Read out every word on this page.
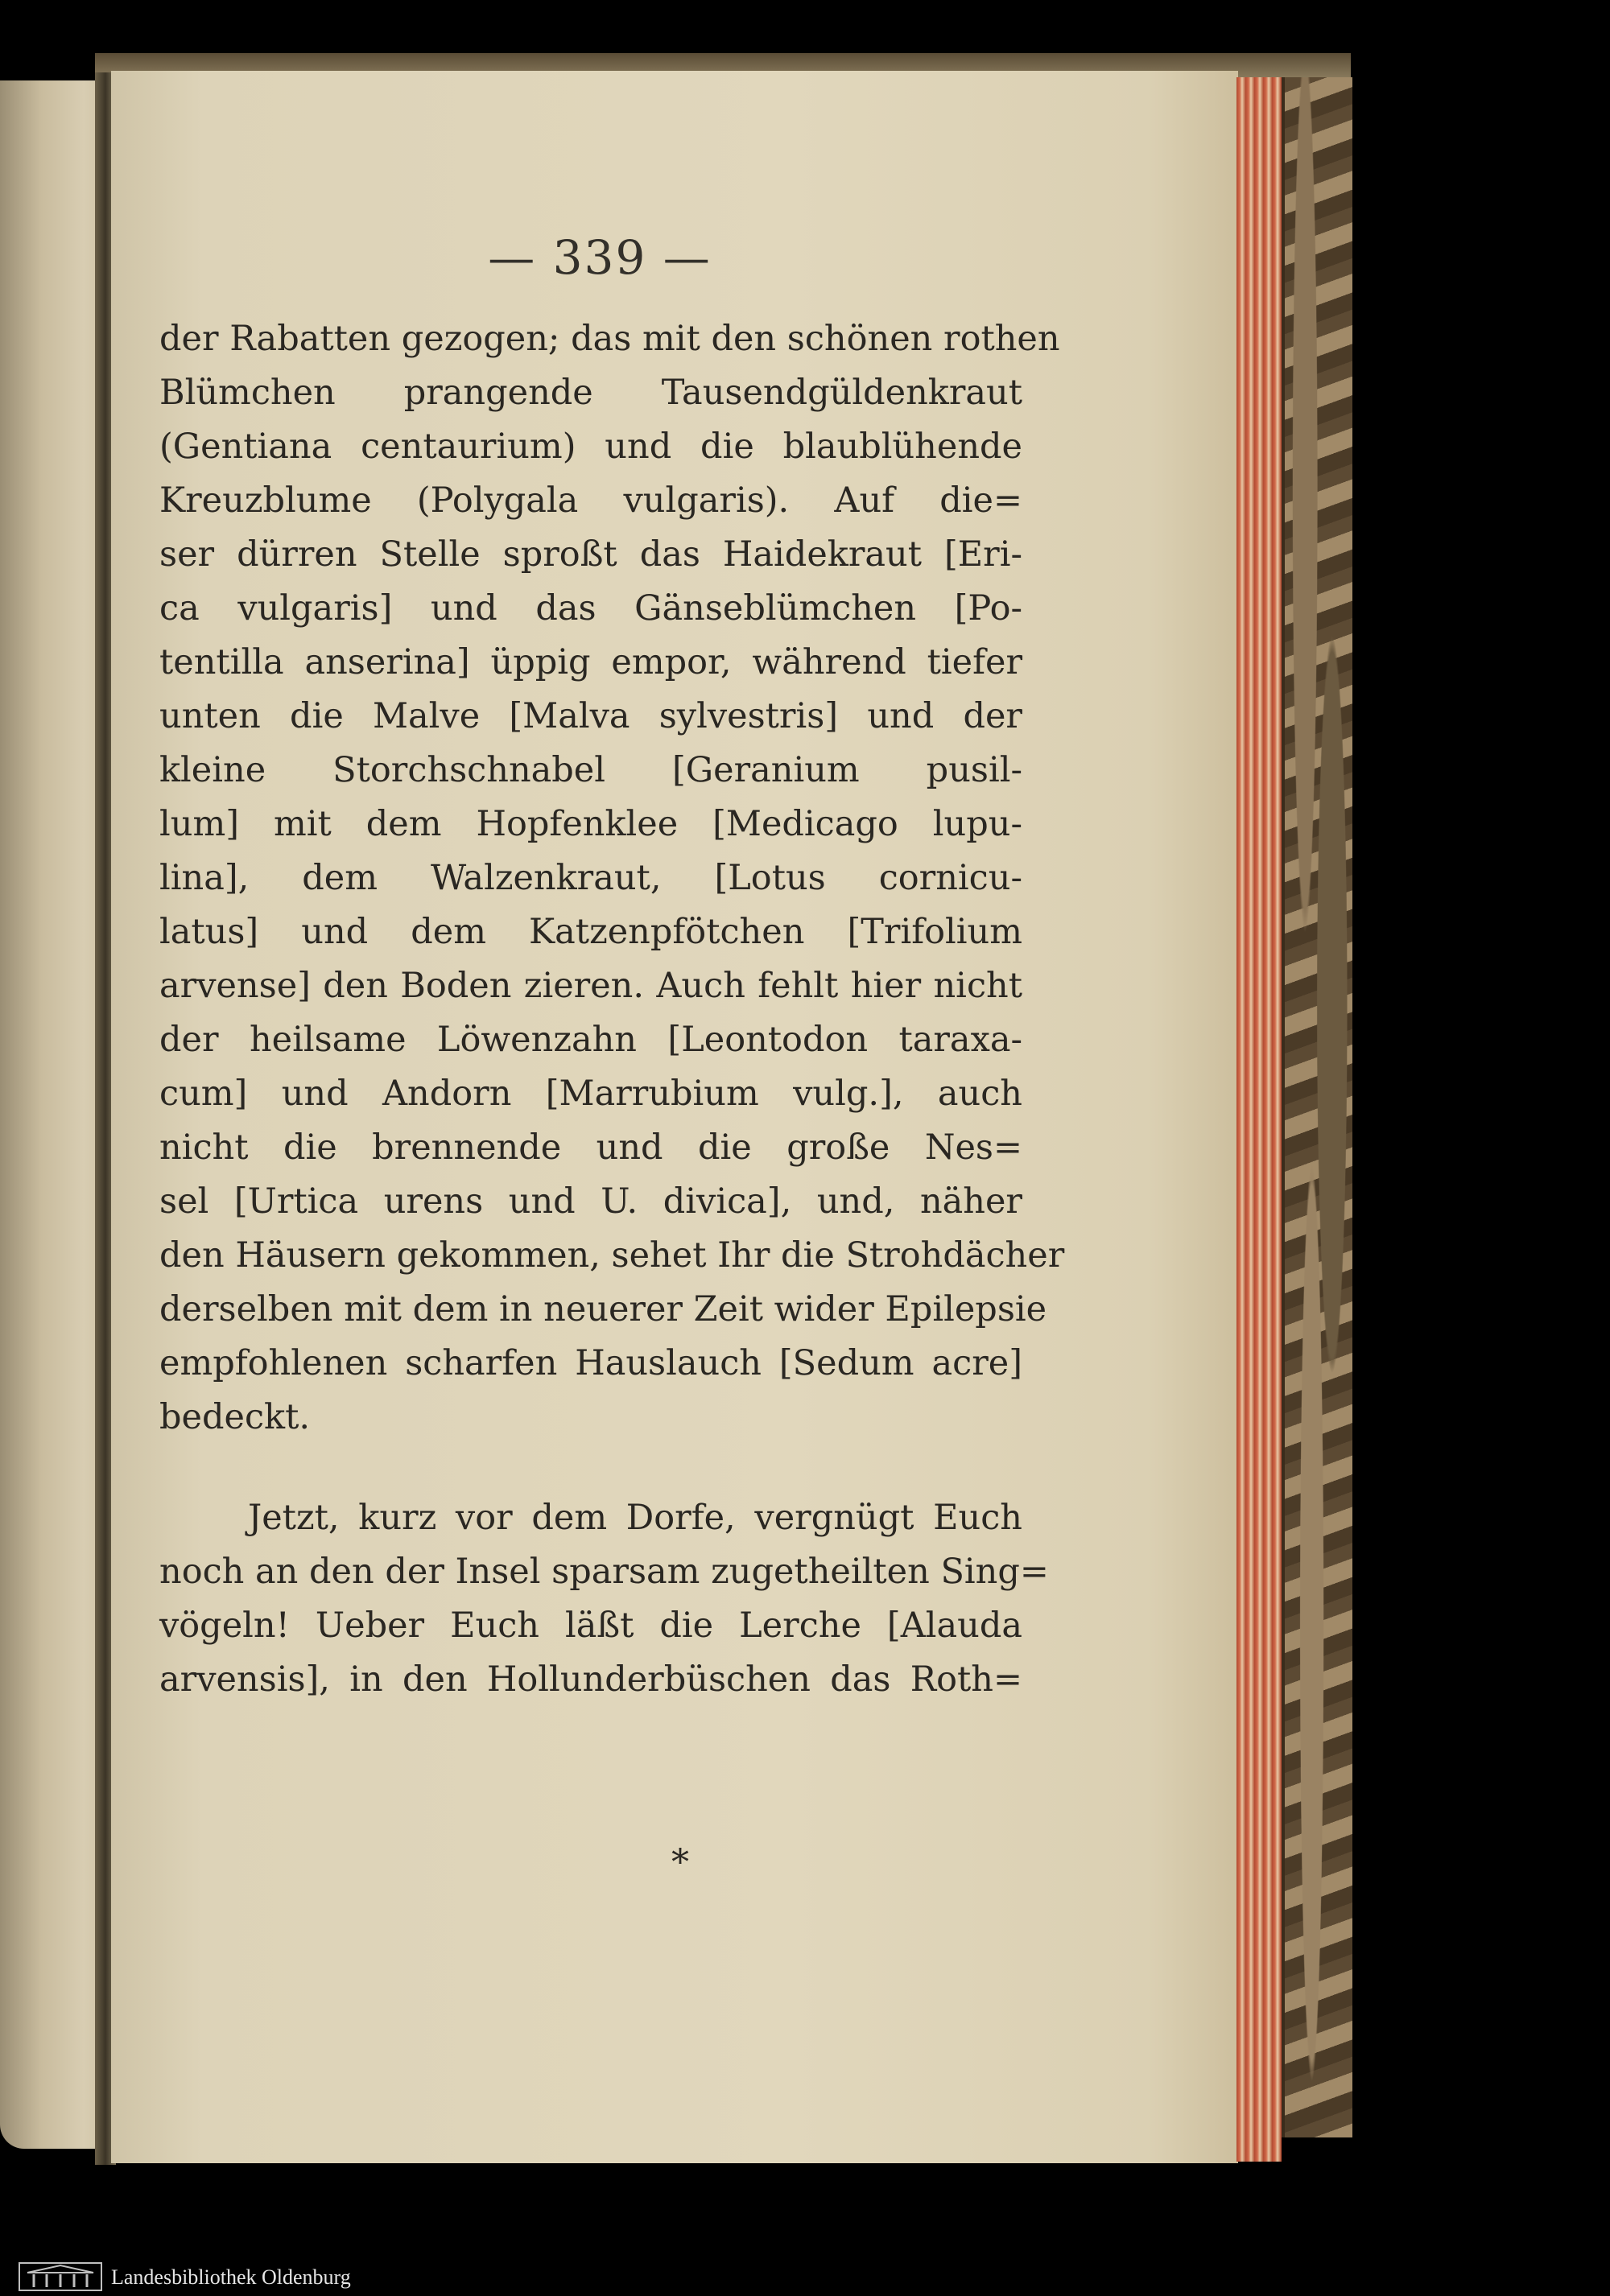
— 339 —
der Rabatten gezogen; das mit den schönen rothen
Blümchen prangende Tausendgüldenkraut
(Gentiana centaurium) und die blaublühende
Kreuzblume (Polygala vulgaris). Auf die=
ser dürren Stelle sproßt das Haidekraut [Eri-
ca vulgaris] und das Gänseblümchen [Po-
tentilla anserina] üppig empor, während tiefer
unten die Malve [Malva sylvestris] und der
kleine Storchschnabel [Geranium pusil-
lum] mit dem Hopfenklee [Medicago lupu-
lina], dem Walzenkraut, [Lotus cornicu-
latus] und dem Katzenpfötchen [Trifolium
arvense] den Boden zieren. Auch fehlt hier nicht
der heilsame Löwenzahn [Leontodon taraxa-
cum] und Andorn [Marrubium vulg.], auch
nicht die brennende und die große Nes=
sel [Urtica urens und U. divica], und, näher
den Häusern gekommen, sehet Ihr die Strohdächer
derselben mit dem in neuerer Zeit wider Epilepsie
empfohlenen scharfen Hauslauch [Sedum acre]
bedeckt.
Jetzt, kurz vor dem Dorfe, vergnügt Euch
noch an den der Insel sparsam zugetheilten Sing=
vögeln! Ueber Euch läßt die Lerche [Alauda
arvensis], in den Hollunderbüschen das Roth=
*
Landesbibliothek Oldenburg
